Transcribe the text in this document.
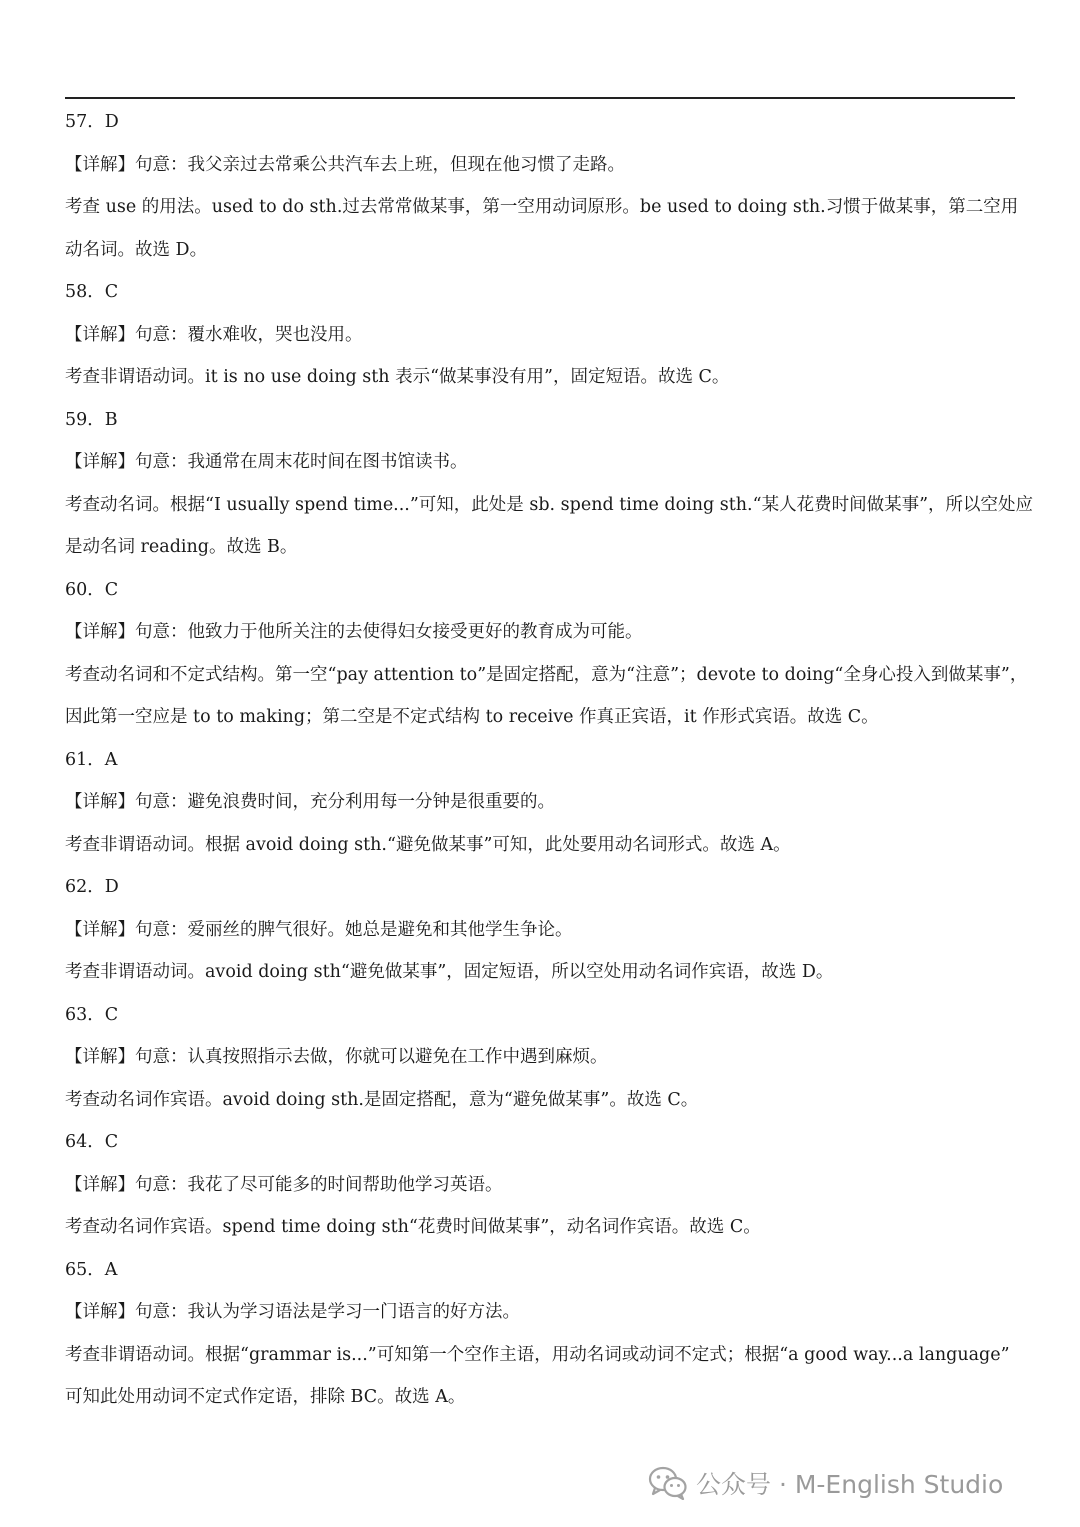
57．D
【详解】句意：我父亲过去常乘公共汽车去上班，但现在他习惯了走路。
考查 use 的用法。used to do sth.过去常常做某事，第一空用动词原形。be used to doing sth.习惯于做某事，第二空用
动名词。故选 D。
58．C
【详解】句意：覆水难收，哭也没用。
考查非谓语动词。it is no use doing sth 表示“做某事没有用”，固定短语。故选 C。
59．B
【详解】句意：我通常在周末花时间在图书馆读书。
考查动名词。根据“I usually spend time...”可知，此处是 sb. spend time doing sth.“某人花费时间做某事”，所以空处应
是动名词 reading。故选 B。
60．C
【详解】句意：他致力于他所关注的去使得妇女接受更好的教育成为可能。
考查动名词和不定式结构。第一空“pay attention to”是固定搭配，意为“注意”；devote to doing“全身心投入到做某事”，
因此第一空应是 to to making；第二空是不定式结构 to receive 作真正宾语，it 作形式宾语。故选 C。
61．A
【详解】句意：避免浪费时间，充分利用每一分钟是很重要的。
考查非谓语动词。根据 avoid doing sth.“避免做某事”可知，此处要用动名词形式。故选 A。
62．D
【详解】句意：爱丽丝的脾气很好。她总是避免和其他学生争论。
考查非谓语动词。avoid doing sth“避免做某事”，固定短语，所以空处用动名词作宾语，故选 D。
63．C
【详解】句意：认真按照指示去做，你就可以避免在工作中遇到麻烦。
考查动名词作宾语。avoid doing sth.是固定搭配，意为“避免做某事”。故选 C。
64．C
【详解】句意：我花了尽可能多的时间帮助他学习英语。
考查动名词作宾语。spend time doing sth“花费时间做某事”，动名词作宾语。故选 C。
65．A
【详解】句意：我认为学习语法是学习一门语言的好方法。
考查非谓语动词。根据“grammar is...”可知第一个空作主语，用动名词或动词不定式；根据“a good way...a language”
可知此处用动词不定式作定语，排除 BC。故选 A。
公众号 · M-English Studio
